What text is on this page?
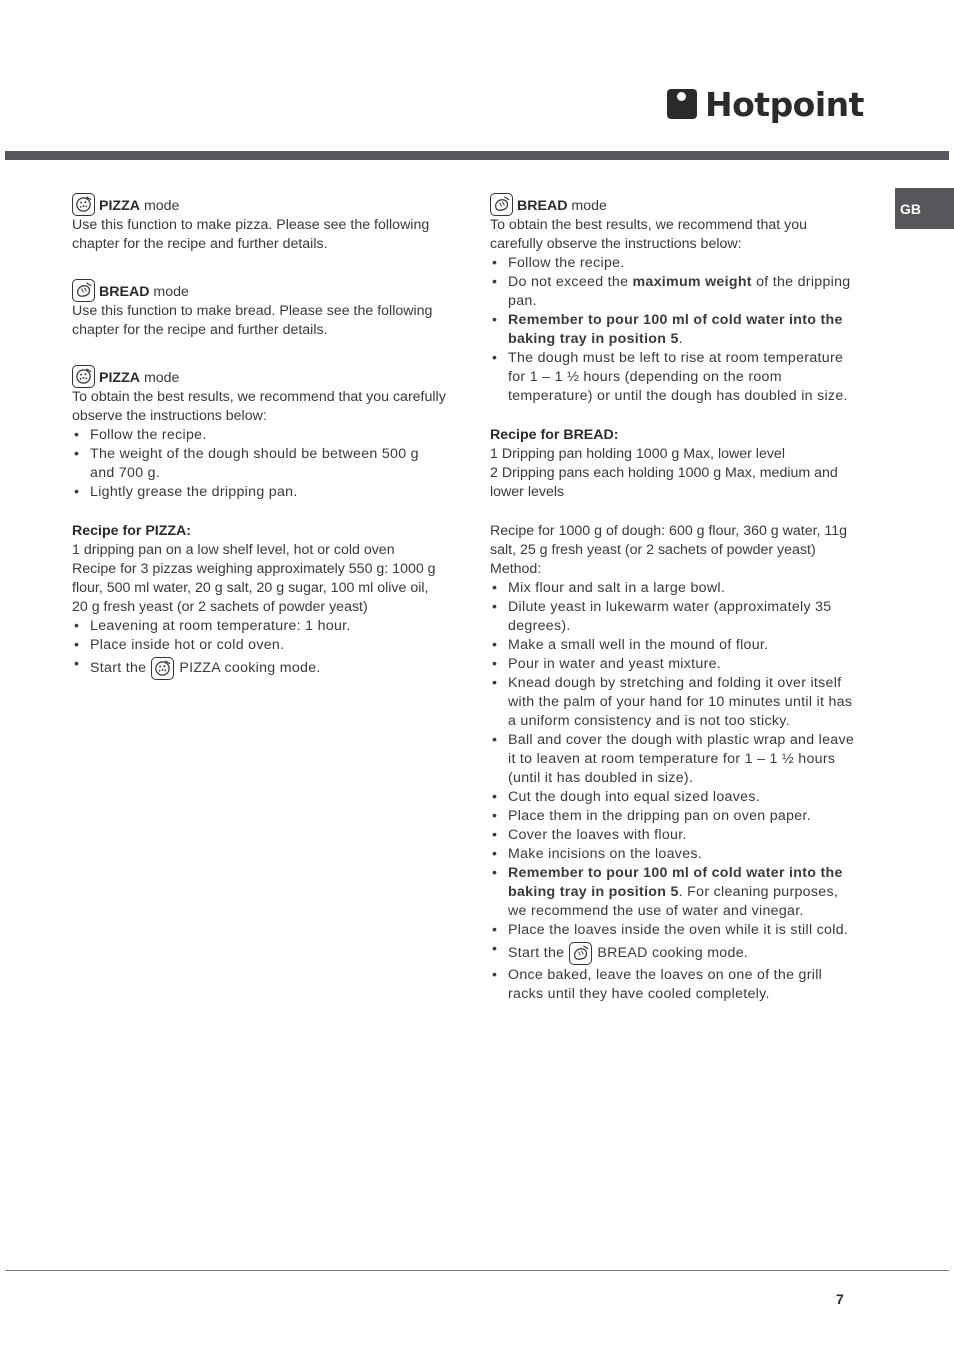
Hotpoint
GB
PIZZA
mode

Use this function to make pizza. Please see the following chapter for the recipe and further details.

BREAD
mode

Use this function to make bread. Please see the following chapter for the recipe and further details.

PIZZA
mode

To obtain the best results, we recommend that you carefully observe the instructions below:

• Follow the recipe.
• The weight of the dough should be between 500 g and 700 g.
• Lightly grease the dripping pan.

Recipe for PIZZA:

1 dripping pan on a low shelf level, hot or cold oven

Recipe for 3 pizzas weighing approximately 550 g: 1000 g flour, 500 ml water, 20 g salt, 20 g sugar, 100 ml olive oil, 20 g fresh yeast (or 2 sachets of powder yeast)

• Leavening at room temperature: 1 hour.
• Place inside hot or cold oven.
• Start the PIZZA cooking mode.
BREAD
mode

To obtain the best results, we recommend that you carefully observe the instructions below:

• Follow the recipe.
• Do not exceed the maximum weight of the dripping pan.
• Remember to pour 100 ml of cold water into the baking tray in position 5.
• The dough must be left to rise at room temperature for 1 – 1 ½ hours (depending on the room temperature) or until the dough has doubled in size.

Recipe for BREAD:

1 Dripping pan holding 1000 g Max, lower level

2 Dripping pans each holding 1000 g Max, medium and lower levels

Recipe for 1000 g of dough: 600 g flour, 360 g water, 11g salt, 25 g fresh yeast (or 2 sachets of powder yeast)

Method:

• Mix flour and salt in a large bowl.
• Dilute yeast in lukewarm water (approximately 35 degrees).
• Make a small well in the mound of flour.
• Pour in water and yeast mixture.
• Knead dough by stretching and folding it over itself with the palm of your hand for 10 minutes until it has a uniform consistency and is not too sticky.
• Ball and cover the dough with plastic wrap and leave it to leaven at room temperature for 1 – 1 ½ hours (until it has doubled in size).
• Cut the dough into equal sized loaves.
• Place them in the dripping pan on oven paper.
• Cover the loaves with flour.
• Make incisions on the loaves.
• Remember to pour 100 ml of cold water into the baking tray in position 5. For cleaning purposes, we recommend the use of water and vinegar.
• Place the loaves inside the oven while it is still cold.
• Start the BREAD cooking mode.
• Once baked, leave the loaves on one of the grill racks until they have cooled completely.
7
